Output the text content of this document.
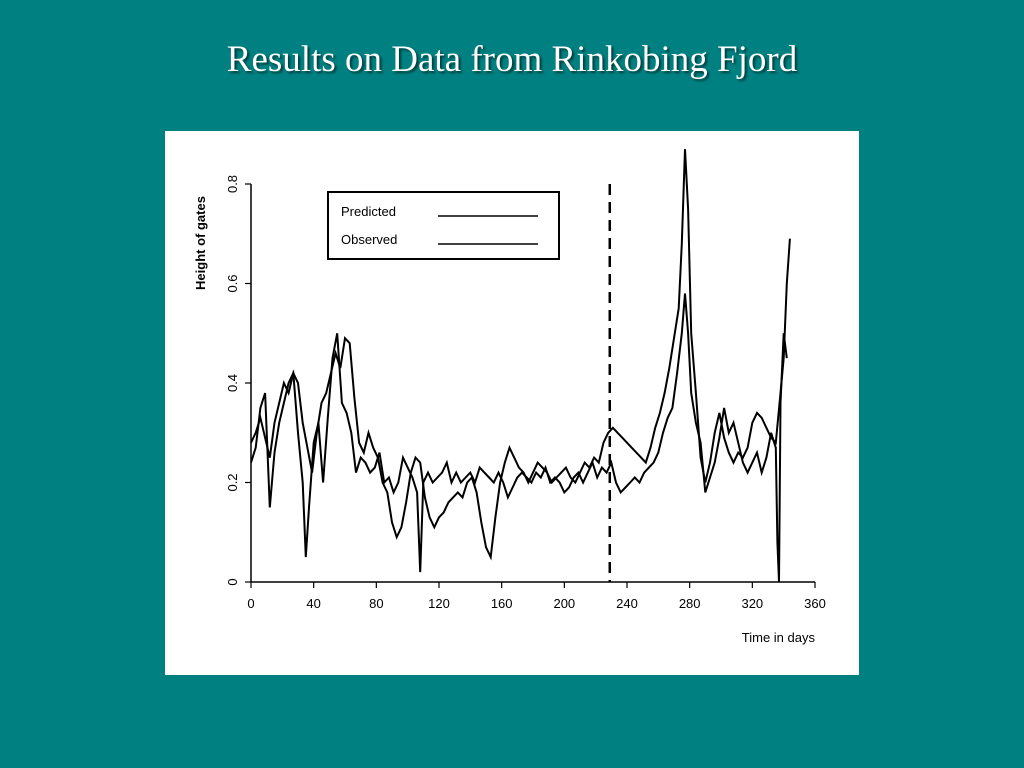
Results on Data from Rinkobing Fjord
0	40	80	120	160	200	240	280	320	360
0
0.2
0.4
0.6
0.8
Predicted
Observed
Time in days
Height of gates
